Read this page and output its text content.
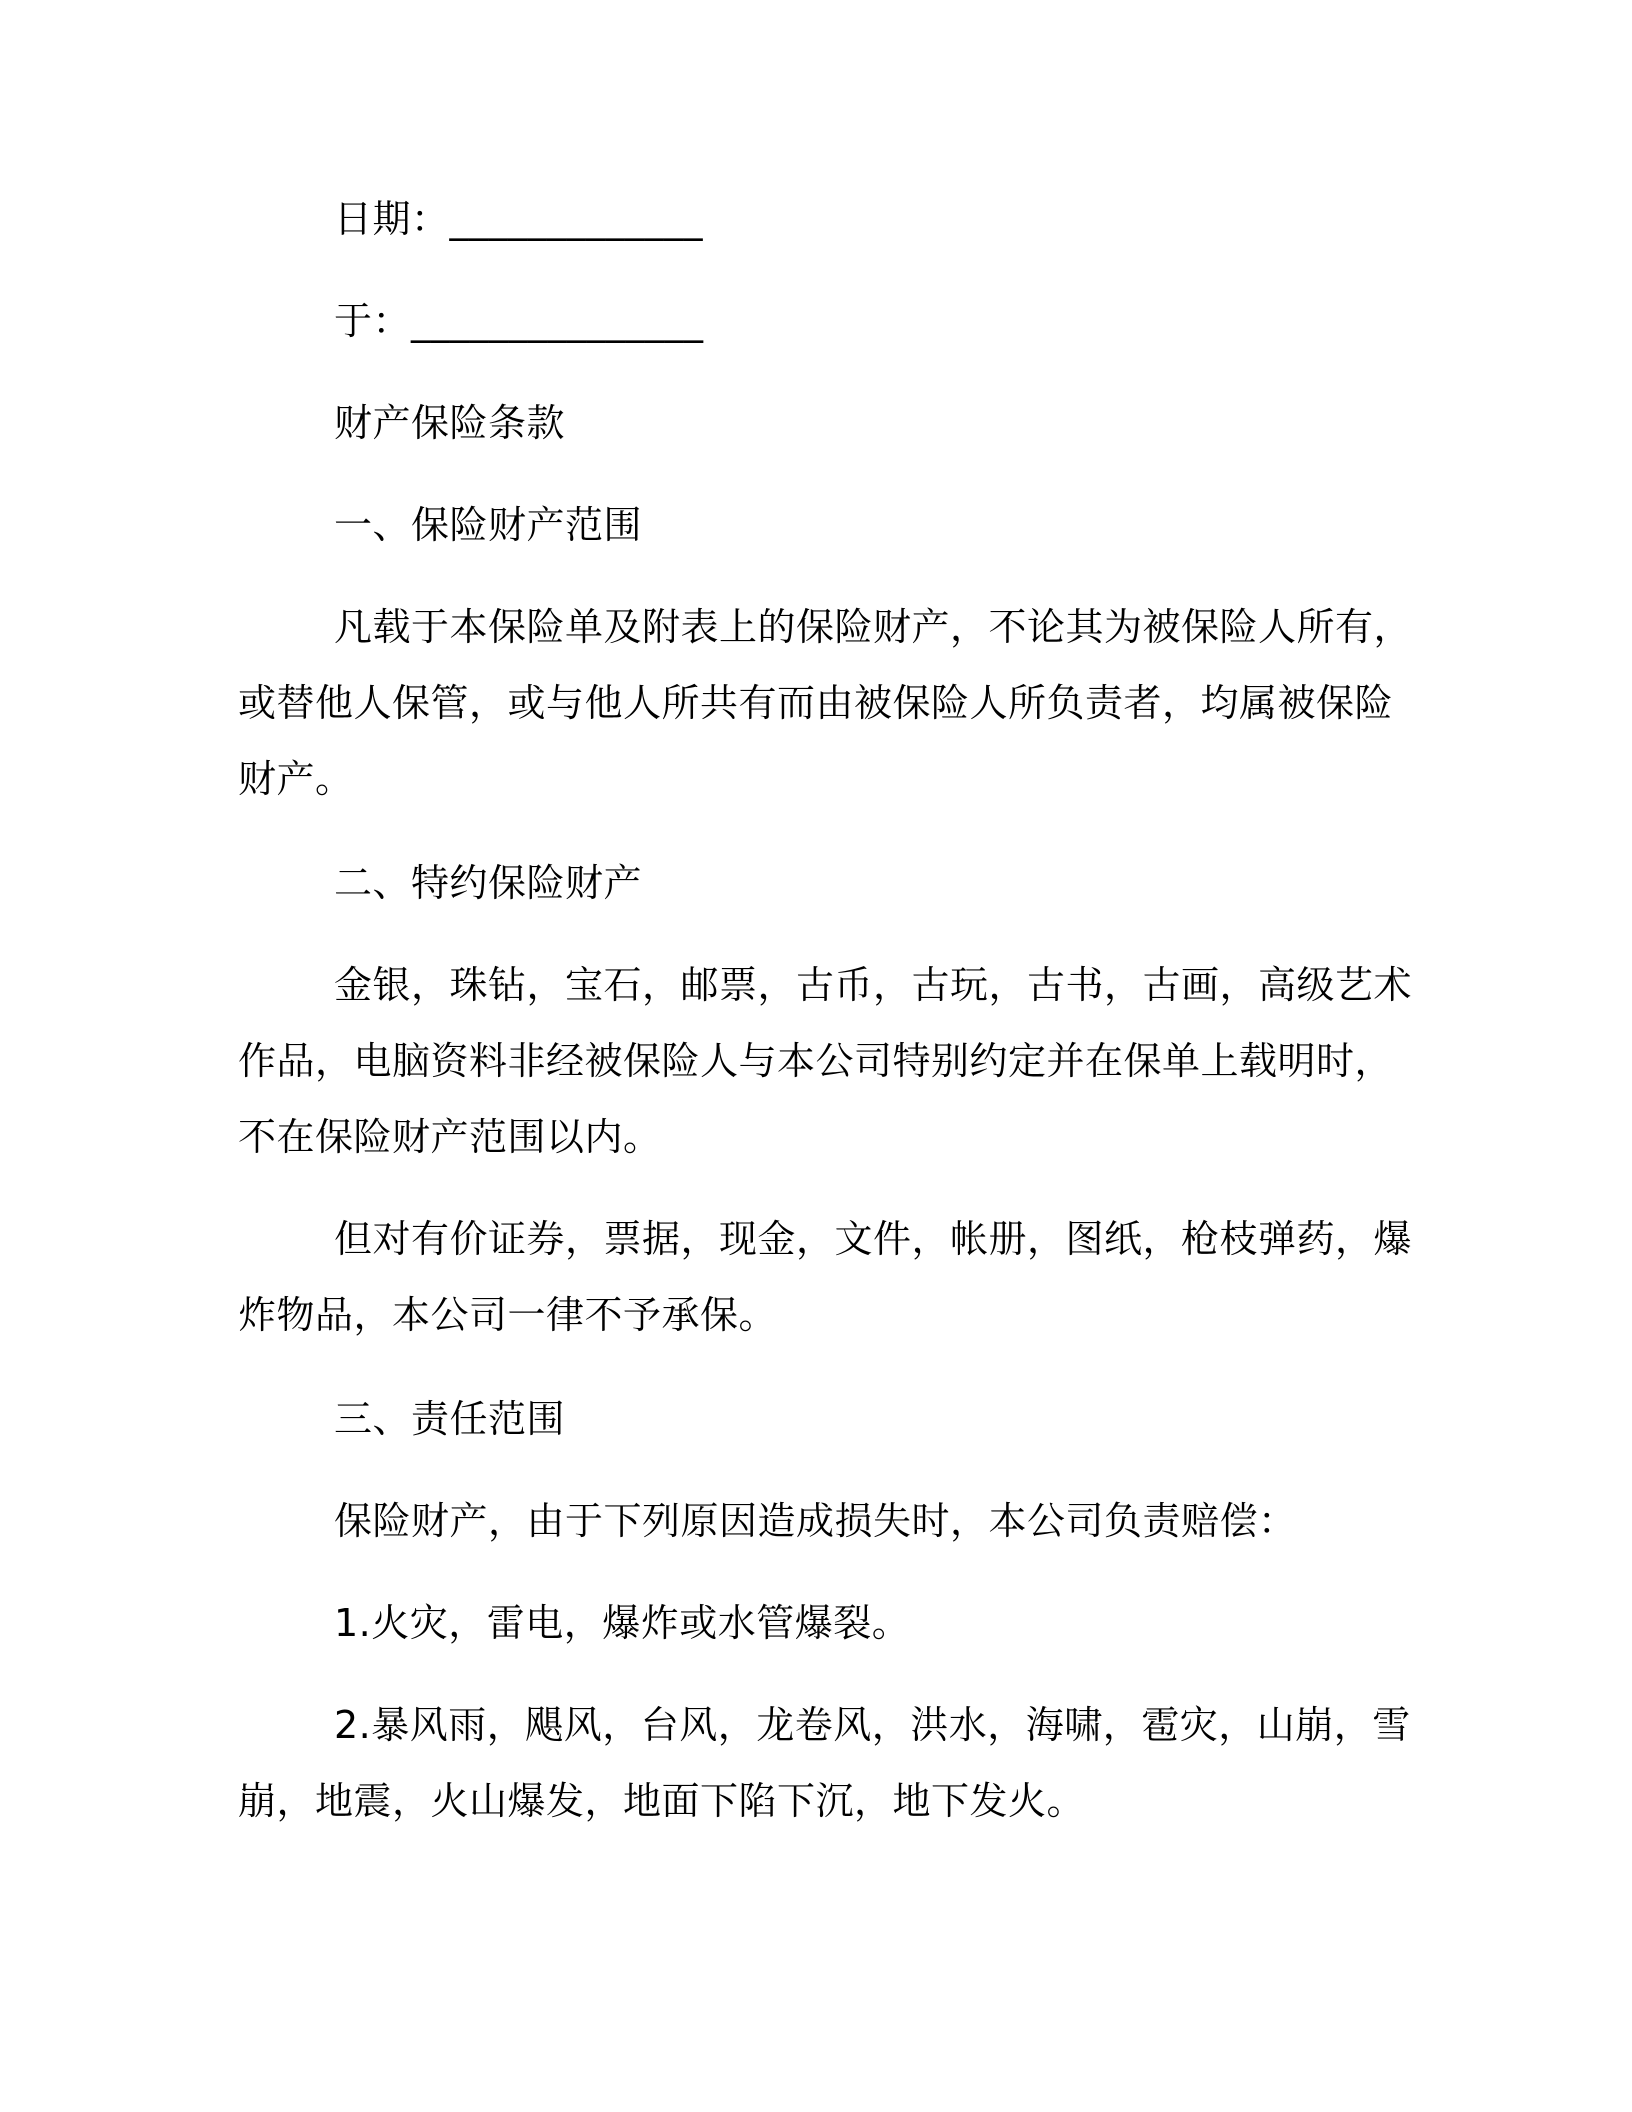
日期：_____________
于：_______________
财产保险条款
一、保险财产范围
凡载于本保险单及附表上的保险财产，不论其为被保险人所有，
或替他人保管，或与他人所共有而由被保险人所负责者，均属被保险
财产。
二、特约保险财产
金银，珠钻，宝石，邮票，古币，古玩，古书，古画，高级艺术
作品，电脑资料非经被保险人与本公司特别约定并在保单上载明时，
不在保险财产范围以内。
但对有价证券，票据，现金，文件，帐册，图纸，枪枝弹药，爆
炸物品，本公司一律不予承保。
三、责任范围
保险财产，由于下列原因造成损失时，本公司负责赔偿：
1.火灾，雷电，爆炸或水管爆裂。
2.暴风雨，飓风，台风，龙卷风，洪水，海啸，雹灾，山崩，雪
崩，地震，火山爆发，地面下陷下沉，地下发火。
